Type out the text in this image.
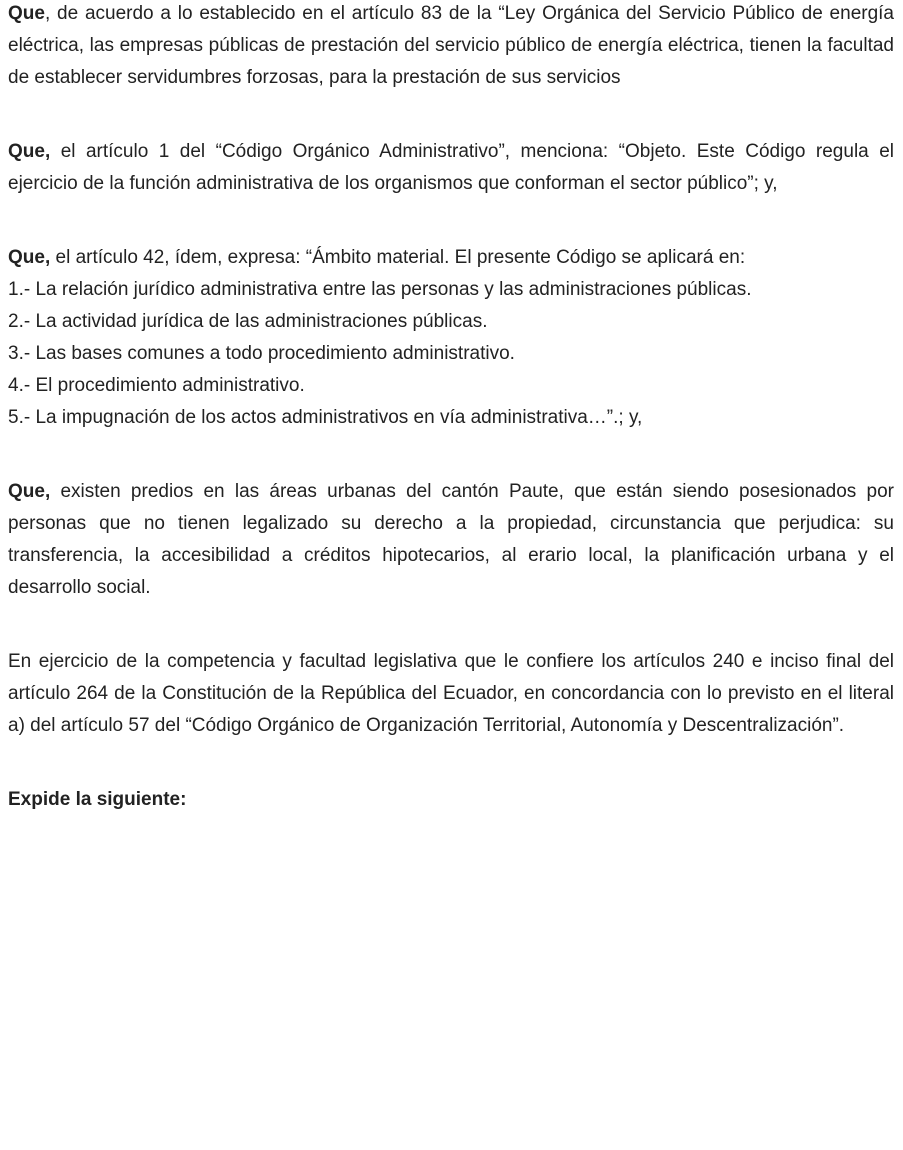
Que, de acuerdo a lo establecido en el artículo 83 de la “Ley Orgánica del Servicio Público de energía eléctrica, las empresas públicas de prestación del servicio público de energía eléctrica, tienen la facultad de establecer servidumbres forzosas, para la prestación de sus servicios

Que, el artículo 1 del “Código Orgánico Administrativo”, menciona: “Objeto. Este Código regula el ejercicio de la función administrativa de los organismos que conforman el sector público”; y,

Que, el artículo 42, ídem, expresa: “Ámbito material. El presente Código se aplicará en:

1.- La relación jurídico administrativa entre las personas y las administraciones públicas.

2.- La actividad jurídica de las administraciones públicas.

3.- Las bases comunes a todo procedimiento administrativo.

4.- El procedimiento administrativo.

5.- La impugnación de los actos administrativos en vía administrativa…”.; y,

Que, existen predios en las áreas urbanas del cantón Paute, que están siendo posesionados por personas que no tienen legalizado su derecho a la propiedad, circunstancia que perjudica: su transferencia, la accesibilidad a créditos hipotecarios, al erario local, la planificación urbana y el desarrollo social.

En ejercicio de la competencia y facultad legislativa que le confiere los artículos 240 e inciso final del artículo 264 de la Constitución de la República del Ecuador, en concordancia con lo previsto en el literal a) del artículo 57 del “Código Orgánico de Organización Territorial, Autonomía y Descentralización”.

Expide la siguiente:
